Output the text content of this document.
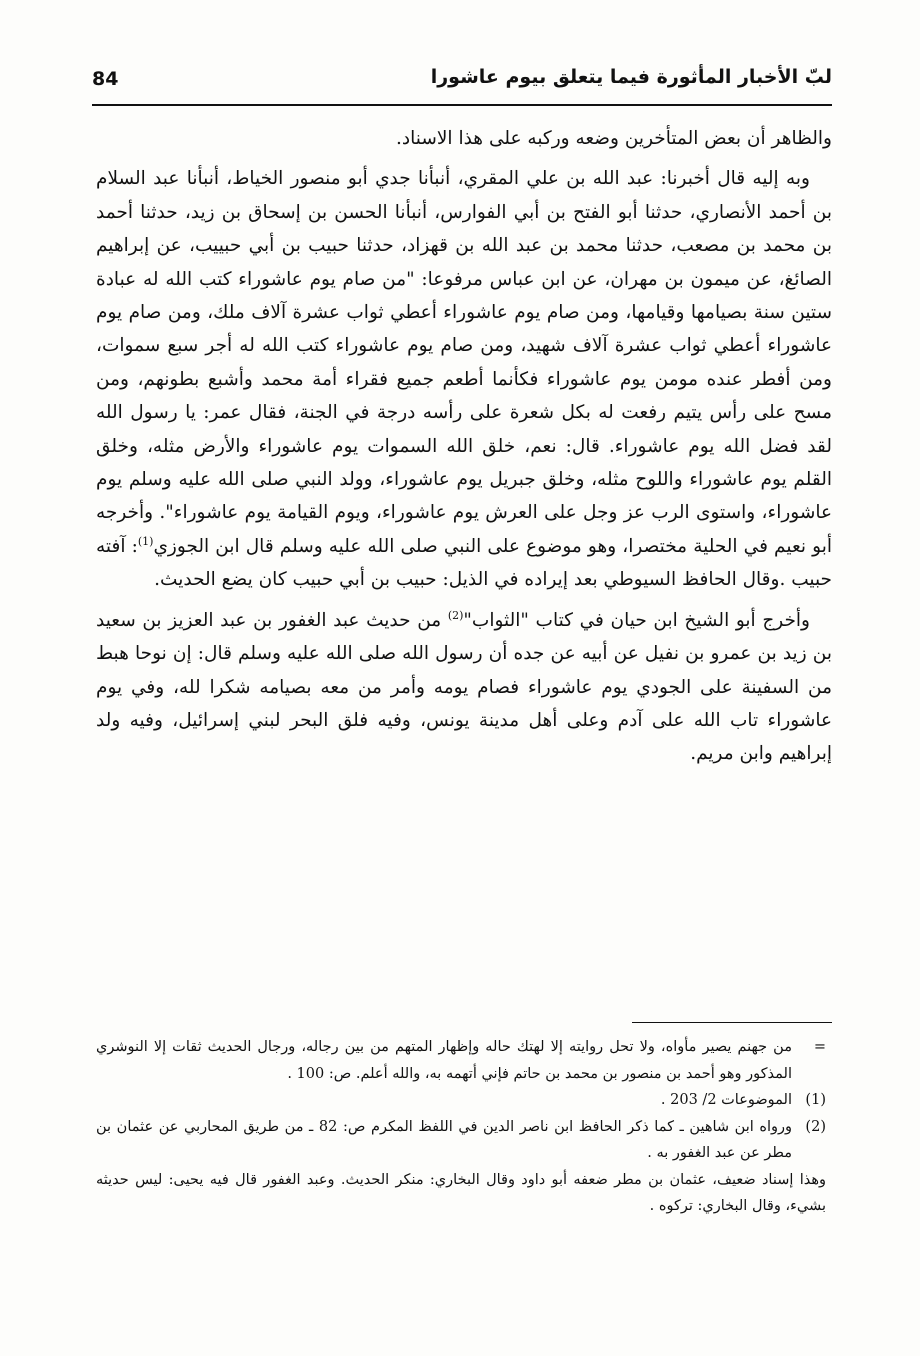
84	لبّ الأخبار المأثورة فيما يتعلق بيوم عاشورا

والظاهر أن بعض المتأخرين وضعه وركبه على هذا الاسناد.

وبه إليه قال أخبرنا: عبد الله بن علي المقري، أنبأنا جدي أبو منصور الخياط، أنبأنا عبد السلام بن أحمد الأنصاري، حدثنا أبو الفتح بن أبي الفوارس، أنبأنا الحسن بن إسحاق بن زيد، حدثنا أحمد بن محمد بن مصعب، حدثنا محمد بن عبد الله بن قهزاد، حدثنا حبيب بن أبي حبييب، عن إبراهيم الصائغ، عن ميمون بن مهران، عن ابن عباس مرفوعا: "من صام يوم عاشوراء كتب الله له عبادة ستين سنة بصيامها وقيامها، ومن صام يوم عاشوراء أعطي ثواب عشرة آلاف ملك، ومن صام يوم عاشوراء أعطي ثواب عشرة آلاف شهيد، ومن صام يوم عاشوراء كتب الله له أجر سبع سموات، ومن أفطر عنده مومن يوم عاشوراء فكأنما أطعم جميع فقراء أمة محمد وأشبع بطونهم، ومن مسح على رأس يتيم رفعت له بكل شعرة على رأسه درجة في الجنة، فقال عمر: يا رسول الله لقد فضل الله يوم عاشوراء. قال: نعم، خلق الله السموات يوم عاشوراء والأرض مثله، وخلق القلم يوم عاشوراء واللوح مثله، وخلق جبريل يوم عاشوراء، وولد النبي صلى الله عليه وسلم يوم عاشوراء، واستوى الرب عز وجل على العرش يوم عاشوراء، ويوم القيامة يوم عاشوراء". وأخرجه أبو نعيم في الحلية مختصرا، وهو موضوع على النبي صلى الله عليه وسلم قال ابن الجوزي$^{(1)}$: آفته حبيب .وقال الحافظ السيوطي بعد إيراده في الذيل: حبيب بن أبي حبيب كان يضع الحديث.

وأخرج أبو الشيخ ابن حيان في كتاب "الثواب"$^{(2)}$ من حديث عبد الغفور بن عبد العزيز بن سعيد بن زيد بن عمرو بن نفيل عن أبيه عن جده أن رسول الله صلى الله عليه وسلم قال: إن نوحا هبط من السفينة على الجودي يوم عاشوراء فصام يومه وأمر من معه بصيامه شكرا لله، وفي يوم عاشوراء تاب الله على آدم وعلى أهل مدينة يونس، وفيه فلق البحر لبني إسرائيل، وفيه ولد إبراهيم وابن مريم.

=
من جهنم يصير مأواه، ولا تحل روايته إلا لهتك حاله وإظهار المتهم من بين رجاله، ورجال الحديث ثقات إلا النوشري المذكور وهو أحمد بن منصور بن محمد بن حاتم فإني أتهمه به، والله أعلم. ص: 100 .
(1)
الموضوعات 2/ 203 .
(2)
ورواه ابن شاهين ـ كما ذكر الحافظ ابن ناصر الدين في اللفظ المكرم ص: 82 ـ من طريق المحاربي عن عثمان بن مطر عن عبد الغفور به .
وهذا إسناد ضعيف، عثمان بن مطر ضعفه أبو داود وقال البخاري: منكر الحديث. وعبد الغفور قال فيه يحيى: ليس حديثه بشيء، وقال البخاري: تركوه .
